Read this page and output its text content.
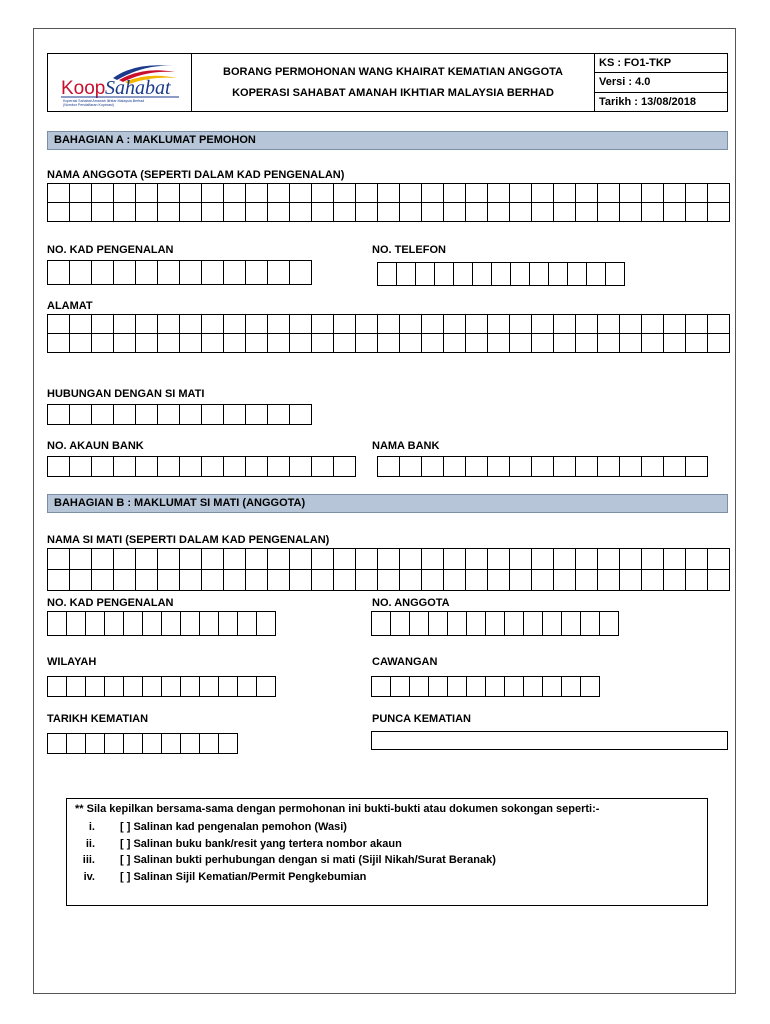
Koop Sahabat
Koperasi Sahabat Amanah Ikhtiar Malaysia Berhad
(Nombor Pendaftaran Koperasi)
BORANG PERMOHONAN WANG KHAIRAT KEMATIAN ANGGOTA
KOPERASI SAHABAT AMANAH IKHTIAR MALAYSIA BERHAD
KS : FO1-TKP
Versi : 4.0
Tarikh : 13/08/2018
BAHAGIAN A : MAKLUMAT PEMOHON
NAMA ANGGOTA (SEPERTI DALAM KAD PENGENALAN)
NO. KAD PENGENALAN	NO. TELEFON
ALAMAT
HUBUNGAN DENGAN SI MATI
NO. AKAUN BANK	NAMA BANK
BAHAGIAN B : MAKLUMAT SI MATI (ANGGOTA)
NAMA SI MATI (SEPERTI DALAM KAD PENGENALAN)
NO. KAD PENGENALAN	NO. ANGGOTA
WILAYAH	CAWANGAN
TARIKH KEMATIAN	PUNCA KEMATIAN
** Sila kepilkan bersama-sama dengan permohonan ini bukti-bukti atau dokumen sokongan seperti:-
i. [ ] Salinan kad pengenalan pemohon (Wasi)
ii. [ ] Salinan buku bank/resit yang tertera nombor akaun
iii. [ ] Salinan bukti perhubungan dengan si mati (Sijil Nikah/Surat Beranak)
iv. [ ] Salinan Sijil Kematian/Permit Pengkebumian
